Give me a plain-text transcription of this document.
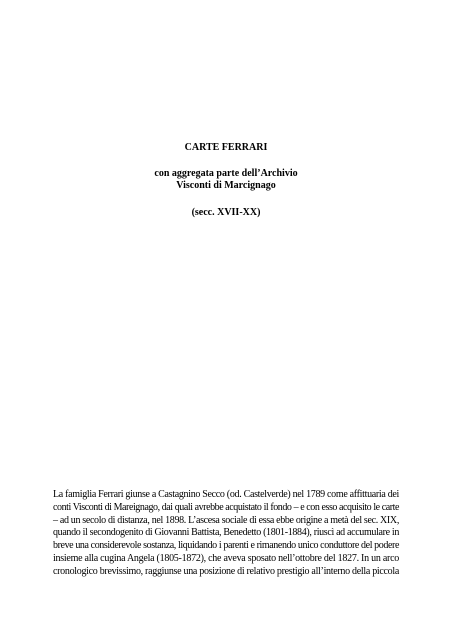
CARTE FERRARI
con aggregata parte dell’Archivio
Visconti di Marcignago
(secc. XVII-XX)
La famiglia Ferrari giunse a Castagnino Secco (od. Castelverde) nel 1789 come affittuaria dei
conti Visconti di Mareignago, dai quali avrebbe acquistato il fondo – e con esso acquisito le carte
– ad un secolo di distanza, nel 1898. L’ascesa sociale di essa ebbe origine a metà del sec. XIX,
quando il secondogenito di Giovanni Battista, Benedetto (1801-1884), riuscì ad accumulare in
breve una considerevole sostanza, liquidando i parenti e rimanendo unico conduttore del podere
insieme alla cugina Angela (1805-1872), che aveva sposato nell’ottobre del 1827. In un arco
cronologico brevissimo, raggiunse una posizione di relativo prestigio all’interno della piccola
